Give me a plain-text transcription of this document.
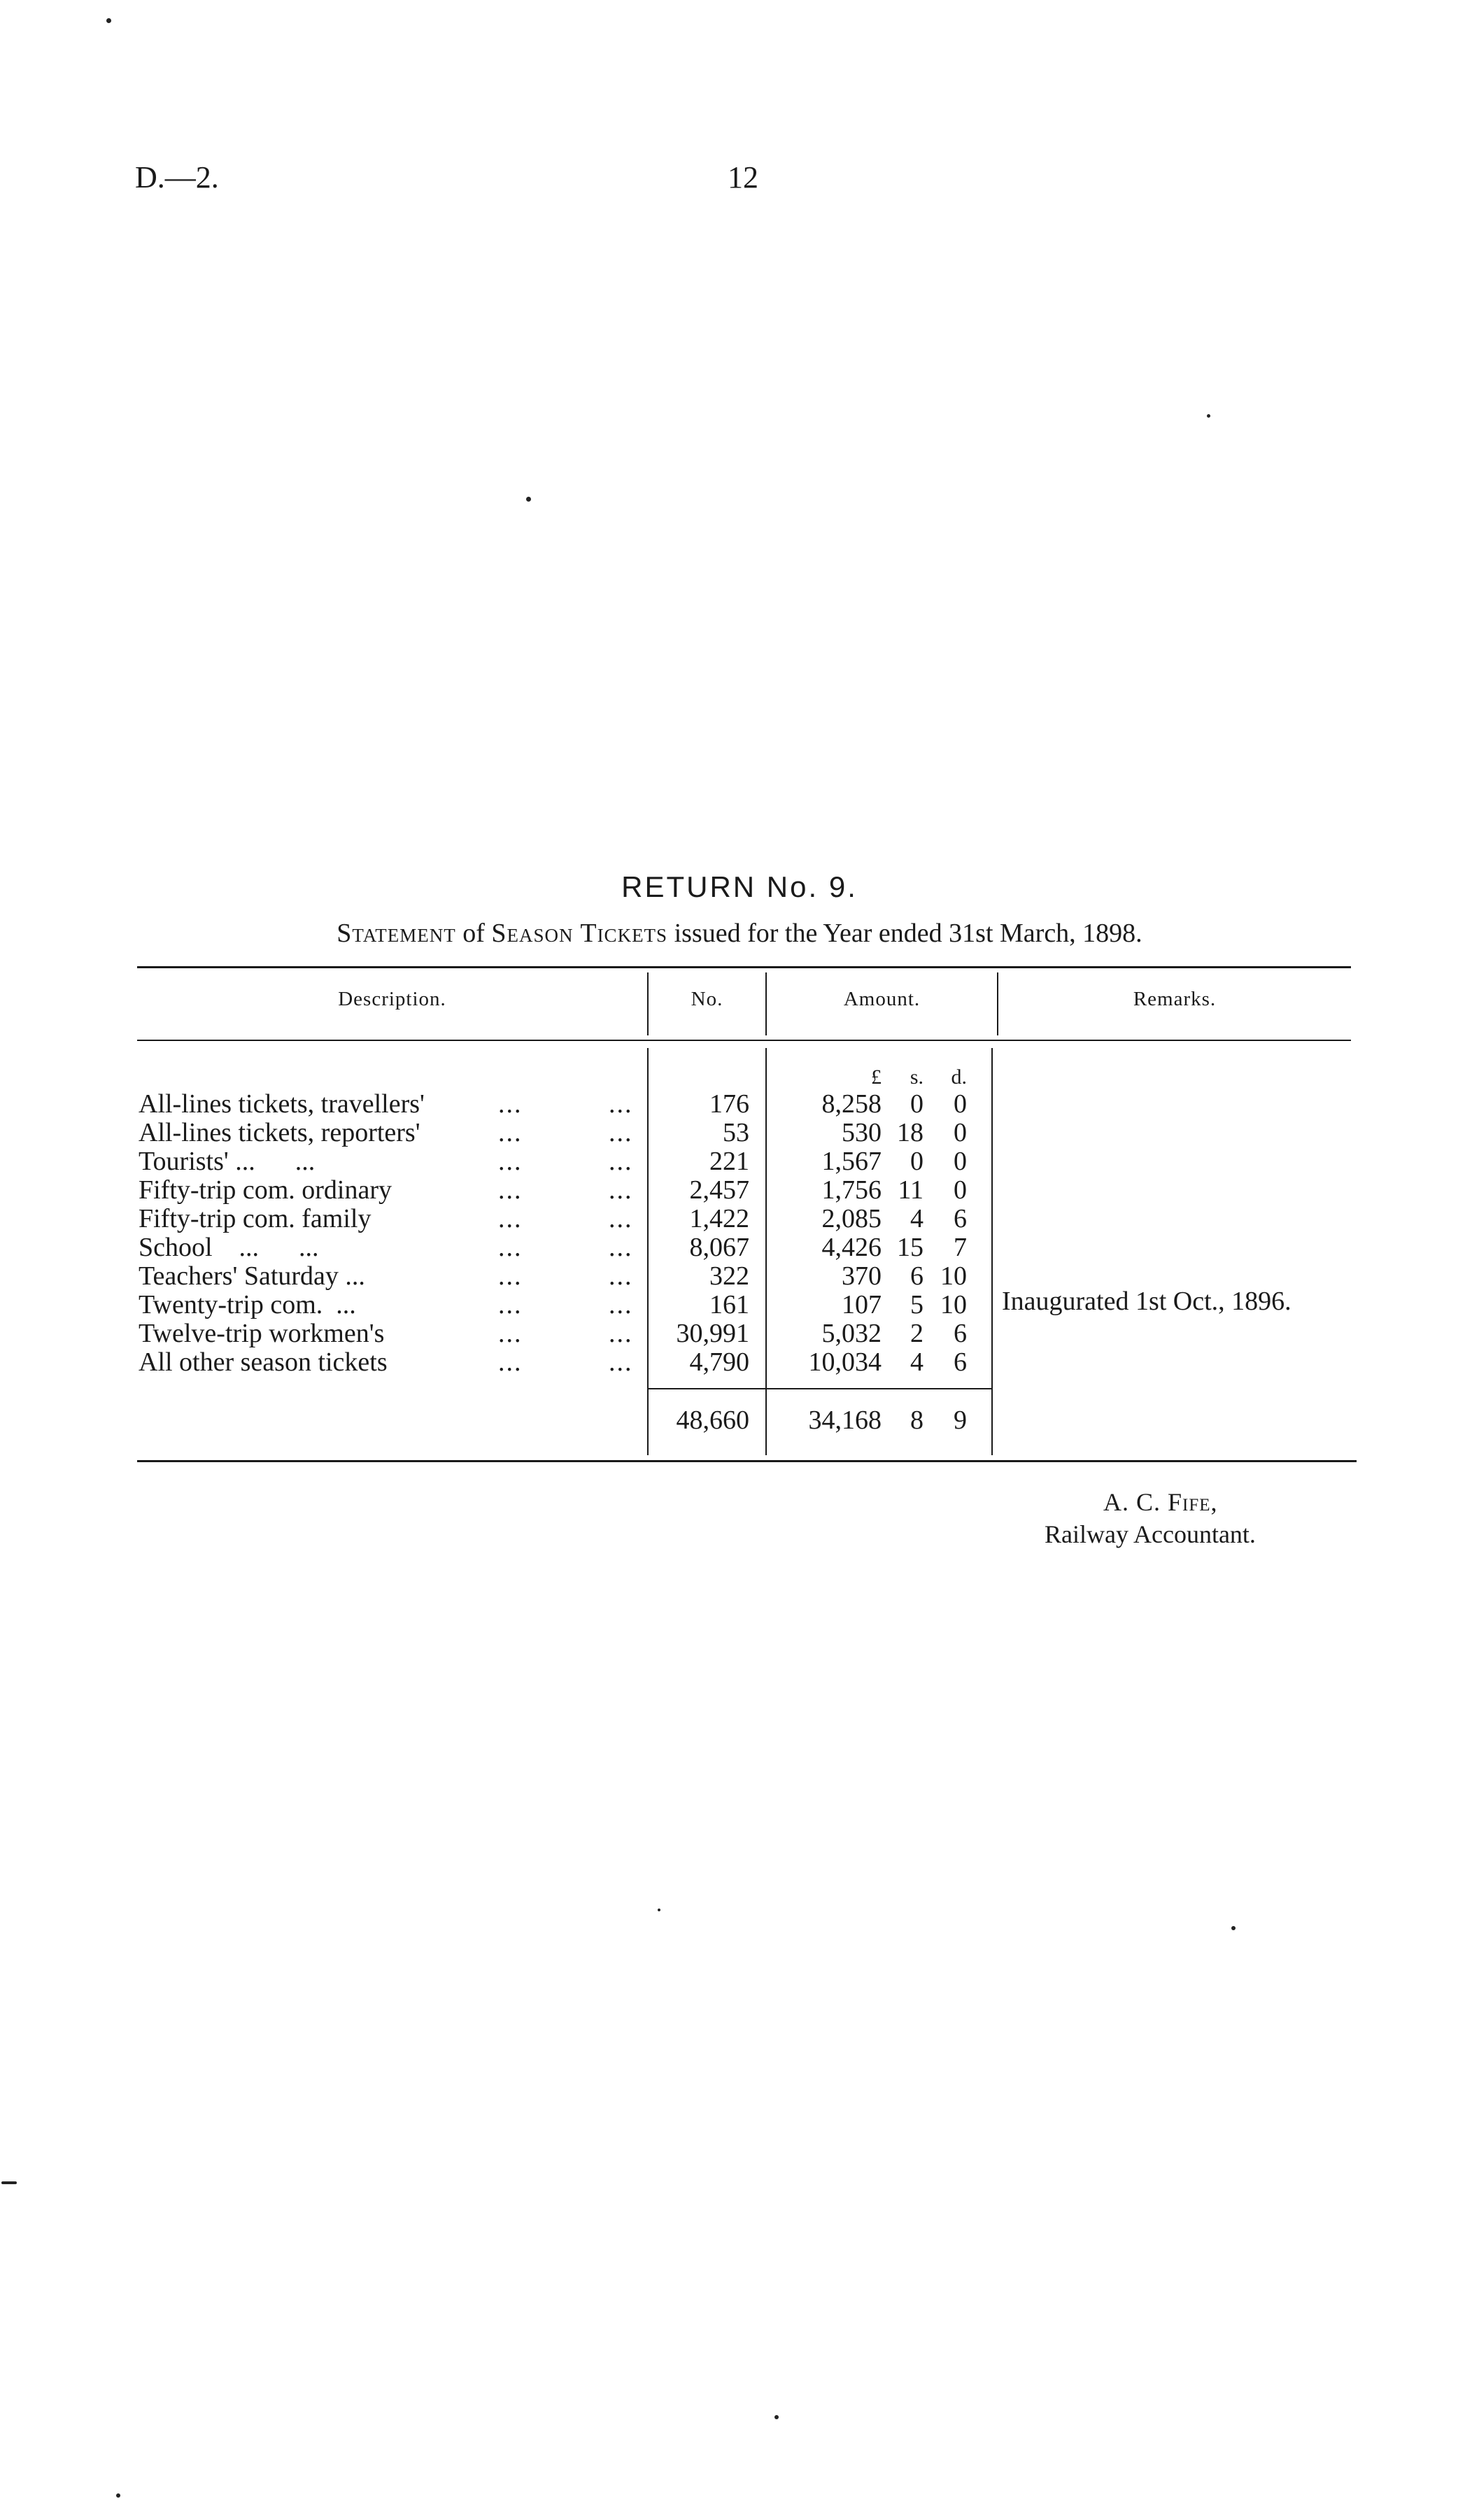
D.—2.	12
RETURN No. 9.
Statement of Season Tickets issued for the Year ended 31st March, 1898.
Description.	No.	Amount.	Remarks.
£	s.	d.
All-lines tickets, travellers'	...	...	176	8,258	0	0
All-lines tickets, reporters'	...	...	53	530 18	0
Tourists' ...      ...	...	...	221	1,567	0	0
Fifty-trip com. ordinary	...	...	2,457	1,756 11	0
Fifty-trip com. family	...	...	1,422	2,085	4	6
School    ...      ...	...	...	8,067	4,426 15	7
Teachers' Saturday ...	...	...	322	370	6 10
Twenty-trip com.  ...	...	...	161	107	5 10
Twelve-trip workmen's	...	...	30,991	5,032	2	6
All other season tickets	...	...	4,790	10,034	4	6
48,660	34,168	8	9
Inaugurated 1st Oct., 1896.
A. C. Fife,
Railway Accountant.
